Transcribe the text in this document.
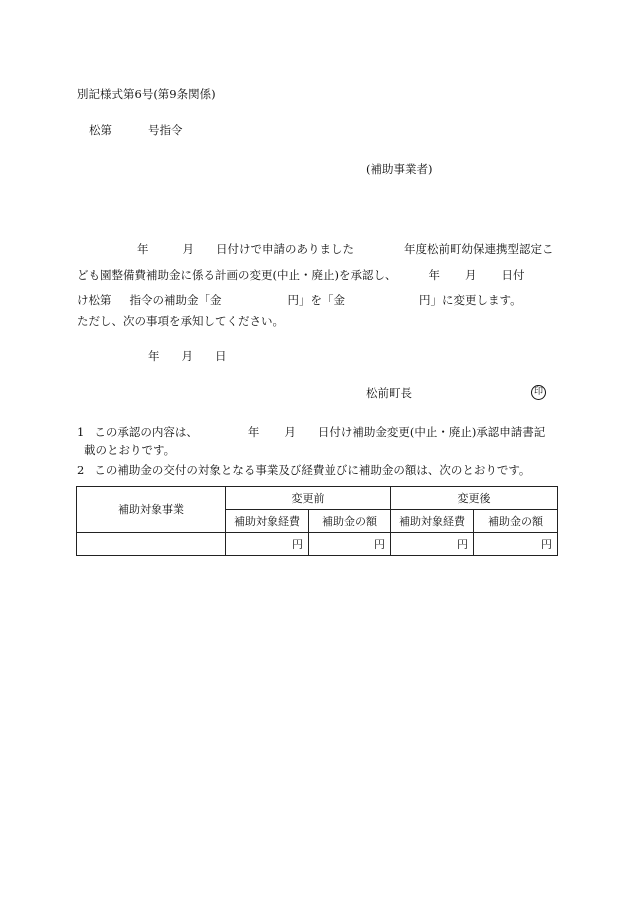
別記様式第6号(第9条関係)
松第	号指令
(補助事業者)
年	月 日付けで申請のありました	年度松前町幼保連携型認定こ
ども園整備費補助金に係る計画の変更(中止・廃止)を承認し、	年 月 日付
け松第 指令の補助金「金	円」を「金	円」に変更します。
ただし、次の事項を承知してください。
年 月 日
松前町長	印
1 この承認の内容は、	年 月 日付け補助金変更(中止・廃止)承認申請書記
載のとおりです。
2 この補助金の交付の対象となる事業及び経費並びに補助金の額は、次のとおりです。
補助対象事業	変更前		変更後	
	補助対象経費	補助金の額	補助対象経費	補助金の額
	円	円	円	円
